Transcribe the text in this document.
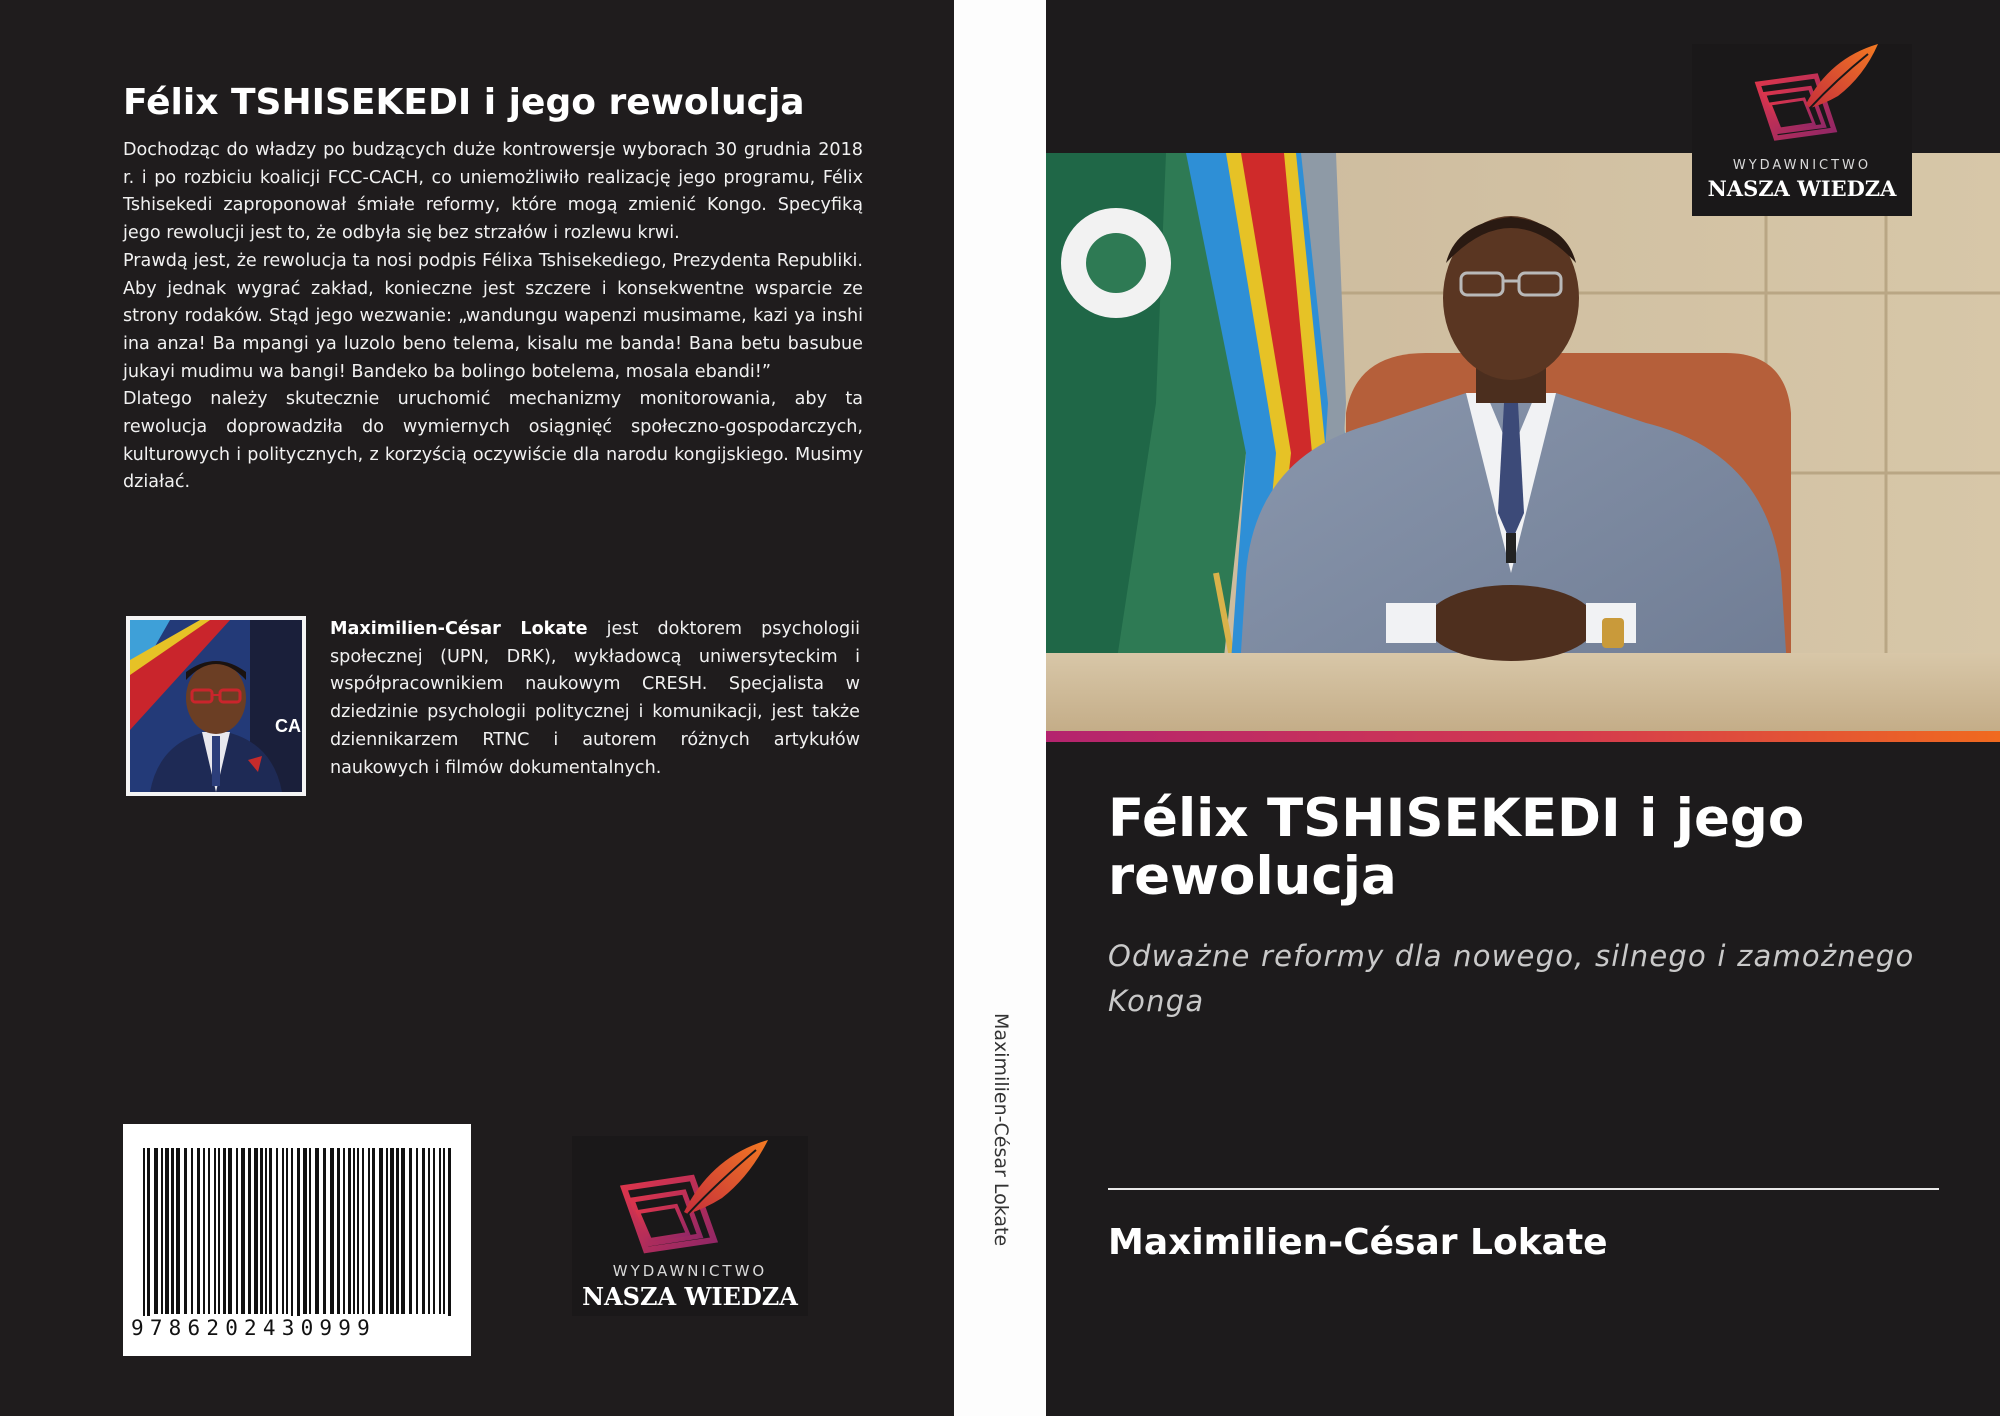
Félix TSHISEKEDI i jego rewolucja

Dochodząc do władzy po budzących duże kontrowersje wyborach 30 grudnia 2018 r. i po rozbiciu koalicji FCC-CACH, co uniemożliwiło realizację jego programu, Félix Tshisekedi zaproponował śmiałe reformy, które mogą zmienić Kongo. Specyfiką jego rewolucji jest to, że odbyła się bez strzałów i rozlewu krwi.

Prawdą jest, że rewolucja ta nosi podpis Félixa Tshisekediego, Prezydenta Republiki. Aby jednak wygrać zakład, konieczne jest szczere i konsekwentne wsparcie ze strony rodaków. Stąd jego wezwanie: „wandungu wapenzi musimame, kazi ya inshi ina anza! Ba mpangi ya luzolo beno telema, kisalu me banda! Bana betu basubue jukayi mudimu wa bangi! Bandeko ba bolingo botelema, mosala ebandi!”

Dlatego należy skutecznie uruchomić mechanizmy monitorowania, aby ta rewolucja doprowadziła do wymiernych osiągnięć społeczno-gospodarczych, kulturowych i politycznych, z korzyścią oczywiście dla narodu kongijskiego. Musimy działać.

CA

Maximilien-César Lokate jest doktorem psychologii społecznej (UPN, DRK), wykładowcą uniwersyteckim i współpracownikiem naukowym CRESH. Specjalista w dziedzinie psychologii politycznej i komunikacji, jest także dziennikarzem RTNC i autorem różnych artykułów naukowych i filmów dokumentalnych.

9786202430999
WYDAWNICTWO
NASZA WIEDZA
Maximilien-César Lokate
WYDAWNICTWO
NASZA WIEDZA
Félix TSHISEKEDI i jego rewolucja

Odważne reformy dla nowego, silnego i zamożnego Konga

Maximilien-César Lokate
